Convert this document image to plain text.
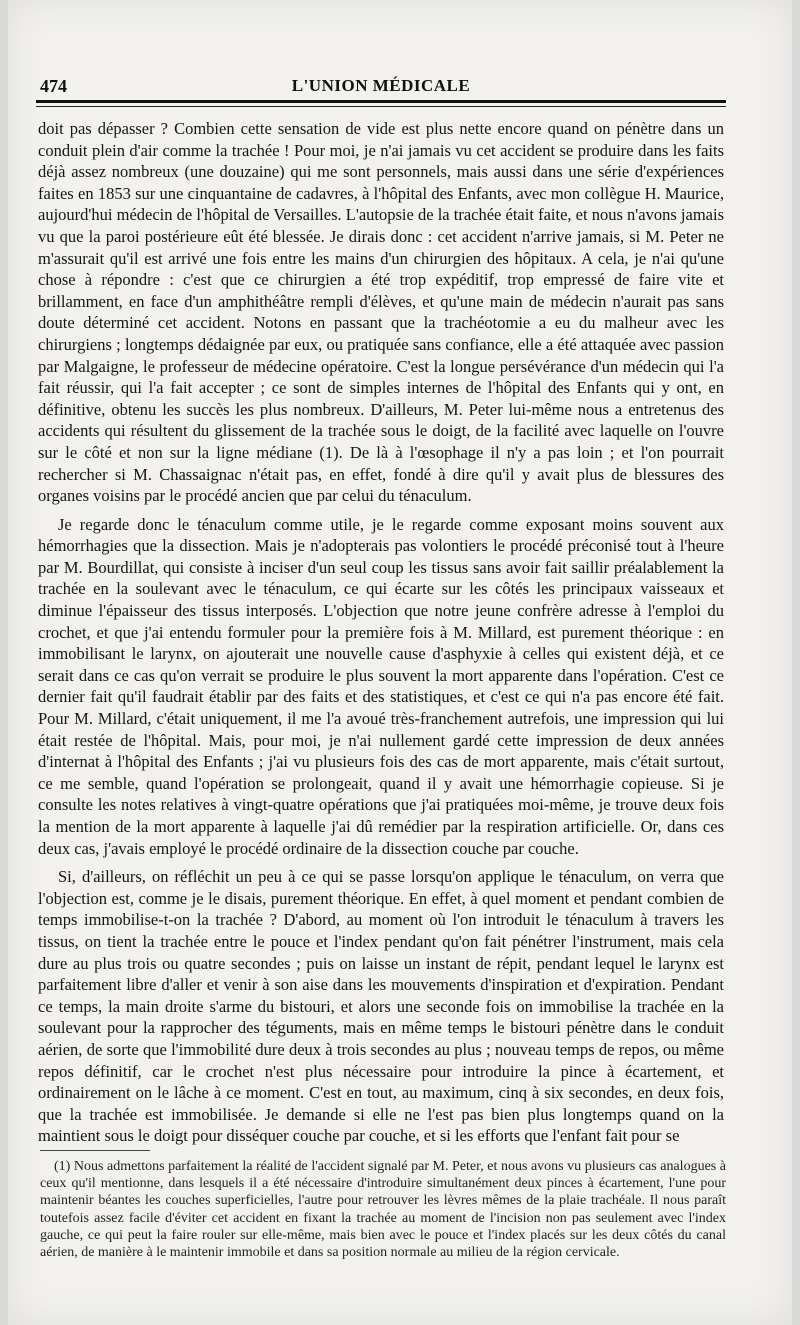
474	L'UNION MÉDICALE

doit pas dépasser ? Combien cette sensation de vide est plus nette encore quand on pénètre dans un conduit plein d'air comme la trachée ! Pour moi, je n'ai jamais vu cet accident se produire dans les faits déjà assez nombreux (une douzaine) qui me sont personnels, mais aussi dans une série d'expériences faites en 1853 sur une cinquantaine de cadavres, à l'hôpital des Enfants, avec mon collègue H. Maurice, aujourd'hui médecin de l'hôpital de Versailles. L'autopsie de la trachée était faite, et nous n'avons jamais vu que la paroi postérieure eût été blessée. Je dirais donc : cet accident n'arrive jamais, si M. Peter ne m'assurait qu'il est arrivé une fois entre les mains d'un chirurgien des hôpitaux. A cela, je n'ai qu'une chose à répondre : c'est que ce chirurgien a été trop expéditif, trop empressé de faire vite et brillamment, en face d'un amphithéâtre rempli d'élèves, et qu'une main de médecin n'aurait pas sans doute déterminé cet accident. Notons en passant que la trachéotomie a eu du malheur avec les chirurgiens ; longtemps dédaignée par eux, ou pratiquée sans confiance, elle a été attaquée avec passion par Malgaigne, le professeur de médecine opératoire. C'est la longue persévérance d'un médecin qui l'a fait réussir, qui l'a fait accepter ; ce sont de simples internes de l'hôpital des Enfants qui y ont, en définitive, obtenu les succès les plus nombreux. D'ailleurs, M. Peter lui-même nous a entretenus des accidents qui résultent du glissement de la trachée sous le doigt, de la facilité avec laquelle on l'ouvre sur le côté et non sur la ligne médiane (1). De là à l'œsophage il n'y a pas loin ; et l'on pourrait rechercher si M. Chassaignac n'était pas, en effet, fondé à dire qu'il y avait plus de blessures des organes voisins par le procédé ancien que par celui du ténaculum.

Je regarde donc le ténaculum comme utile, je le regarde comme exposant moins souvent aux hémorrhagies que la dissection. Mais je n'adopterais pas volontiers le procédé préconisé tout à l'heure par M. Bourdillat, qui consiste à inciser d'un seul coup les tissus sans avoir fait saillir préalablement la trachée en la soulevant avec le ténaculum, ce qui écarte sur les côtés les principaux vaisseaux et diminue l'épaisseur des tissus interposés. L'objection que notre jeune confrère adresse à l'emploi du crochet, et que j'ai entendu formuler pour la première fois à M. Millard, est purement théorique : en immobilisant le larynx, on ajouterait une nouvelle cause d'asphyxie à celles qui existent déjà, et ce serait dans ce cas qu'on verrait se produire le plus souvent la mort apparente dans l'opération. C'est ce dernier fait qu'il faudrait établir par des faits et des statistiques, et c'est ce qui n'a pas encore été fait. Pour M. Millard, c'était uniquement, il me l'a avoué très-franchement autrefois, une impression qui lui était restée de l'hôpital. Mais, pour moi, je n'ai nullement gardé cette impression de deux années d'internat à l'hôpital des Enfants ; j'ai vu plusieurs fois des cas de mort apparente, mais c'était surtout, ce me semble, quand l'opération se prolongeait, quand il y avait une hémorrhagie copieuse. Si je consulte les notes relatives à vingt-quatre opérations que j'ai pratiquées moi-même, je trouve deux fois la mention de la mort apparente à laquelle j'ai dû remédier par la respiration artificielle. Or, dans ces deux cas, j'avais employé le procédé ordinaire de la dissection couche par couche.

Si, d'ailleurs, on réfléchit un peu à ce qui se passe lorsqu'on applique le ténaculum, on verra que l'objection est, comme je le disais, purement théorique. En effet, à quel moment et pendant combien de temps immobilise-t-on la trachée ? D'abord, au moment où l'on introduit le ténaculum à travers les tissus, on tient la trachée entre le pouce et l'index pendant qu'on fait pénétrer l'instrument, mais cela dure au plus trois ou quatre secondes ; puis on laisse un instant de répit, pendant lequel le larynx est parfaitement libre d'aller et venir à son aise dans les mouvements d'inspiration et d'expiration. Pendant ce temps, la main droite s'arme du bistouri, et alors une seconde fois on immobilise la trachée en la soulevant pour la rapprocher des téguments, mais en même temps le bistouri pénètre dans le conduit aérien, de sorte que l'immobilité dure deux à trois secondes au plus ; nouveau temps de repos, ou même repos définitif, car le crochet n'est plus nécessaire pour introduire la pince à écartement, et ordinairement on le lâche à ce moment. C'est en tout, au maximum, cinq à six secondes, en deux fois, que la trachée est immobilisée. Je demande si elle ne l'est pas bien plus longtemps quand on la maintient sous le doigt pour disséquer couche par couche, et si les efforts que l'enfant fait pour se

(1) Nous admettons parfaitement la réalité de l'accident signalé par M. Peter, et nous avons vu plusieurs cas analogues à ceux qu'il mentionne, dans lesquels il a été nécessaire d'introduire simultanément deux pinces à écartement, l'une pour maintenir béantes les couches superficielles, l'autre pour retrouver les lèvres mêmes de la plaie trachéale. Il nous paraît toutefois assez facile d'éviter cet accident en fixant la trachée au moment de l'incision non pas seulement avec l'index gauche, ce qui peut la faire rouler sur elle-même, mais bien avec le pouce et l'index placés sur les deux côtés du canal aérien, de manière à le maintenir immobile et dans sa position normale au milieu de la région cervicale.
